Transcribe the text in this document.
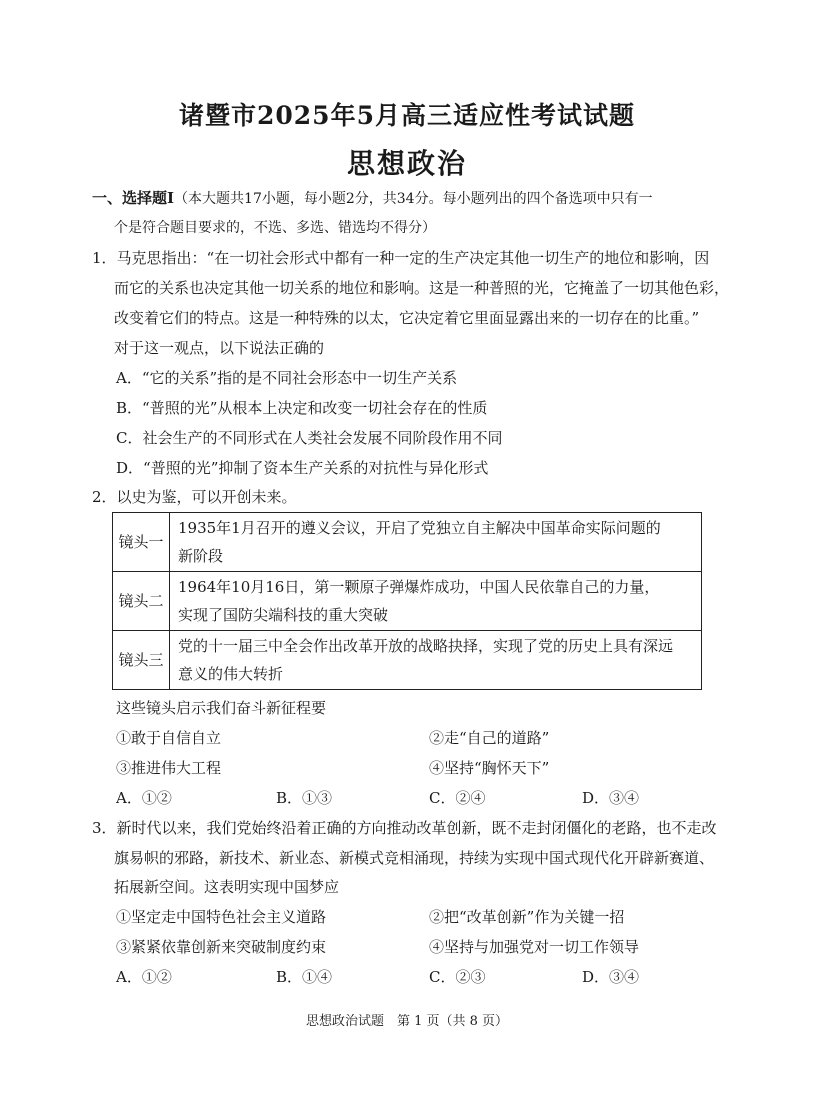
诸暨市2025年5月高三适应性考试试题
思想政治
一、选择题Ⅰ（本大题共17小题，每小题2分，共34分。每小题列出的四个备选项中只有一
个是符合题目要求的，不选、多选、错选均不得分）
1．马克思指出：“在一切社会形式中都有一种一定的生产决定其他一切生产的地位和影响，因
而它的关系也决定其他一切关系的地位和影响。这是一种普照的光，它掩盖了一切其他色彩，
改变着它们的特点。这是一种特殊的以太，它决定着它里面显露出来的一切存在的比重。”
对于这一观点，以下说法正确的
A．“它的关系”指的是不同社会形态中一切生产关系
B．“普照的光”从根本上决定和改变一切社会存在的性质
C．社会生产的不同形式在人类社会发展不同阶段作用不同
D．“普照的光”抑制了资本生产关系的对抗性与异化形式
2．以史为鉴，可以开创未来。
镜头一	1935年1月召开的遵义会议，开启了党独立自主解决中国革命实际问题的
新阶段

镜头二	1964年10月16日，第一颗原子弹爆炸成功，中国人民依靠自己的力量，
实现了国防尖端科技的重大突破

镜头三	党的十一届三中全会作出改革开放的战略抉择，实现了党的历史上具有深远
意义的伟大转折
这些镜头启示我们奋斗新征程要
①敢于自信自立	②走“自己的道路”
③推进伟大工程	④坚持“胸怀天下”
A．①②	B．①③	C．②④	D．③④
3．新时代以来，我们党始终沿着正确的方向推动改革创新，既不走封闭僵化的老路，也不走改
旗易帜的邪路，新技术、新业态、新模式竞相涌现，持续为实现中国式现代化开辟新赛道、
拓展新空间。这表明实现中国梦应
①坚定走中国特色社会主义道路	②把“改革创新”作为关键一招
③紧紧依靠创新来突破制度约束	④坚持与加强党对一切工作领导
A．①②	B．①④	C．②③	D．③④
思想政治试题　第 1 页（共 8 页）
